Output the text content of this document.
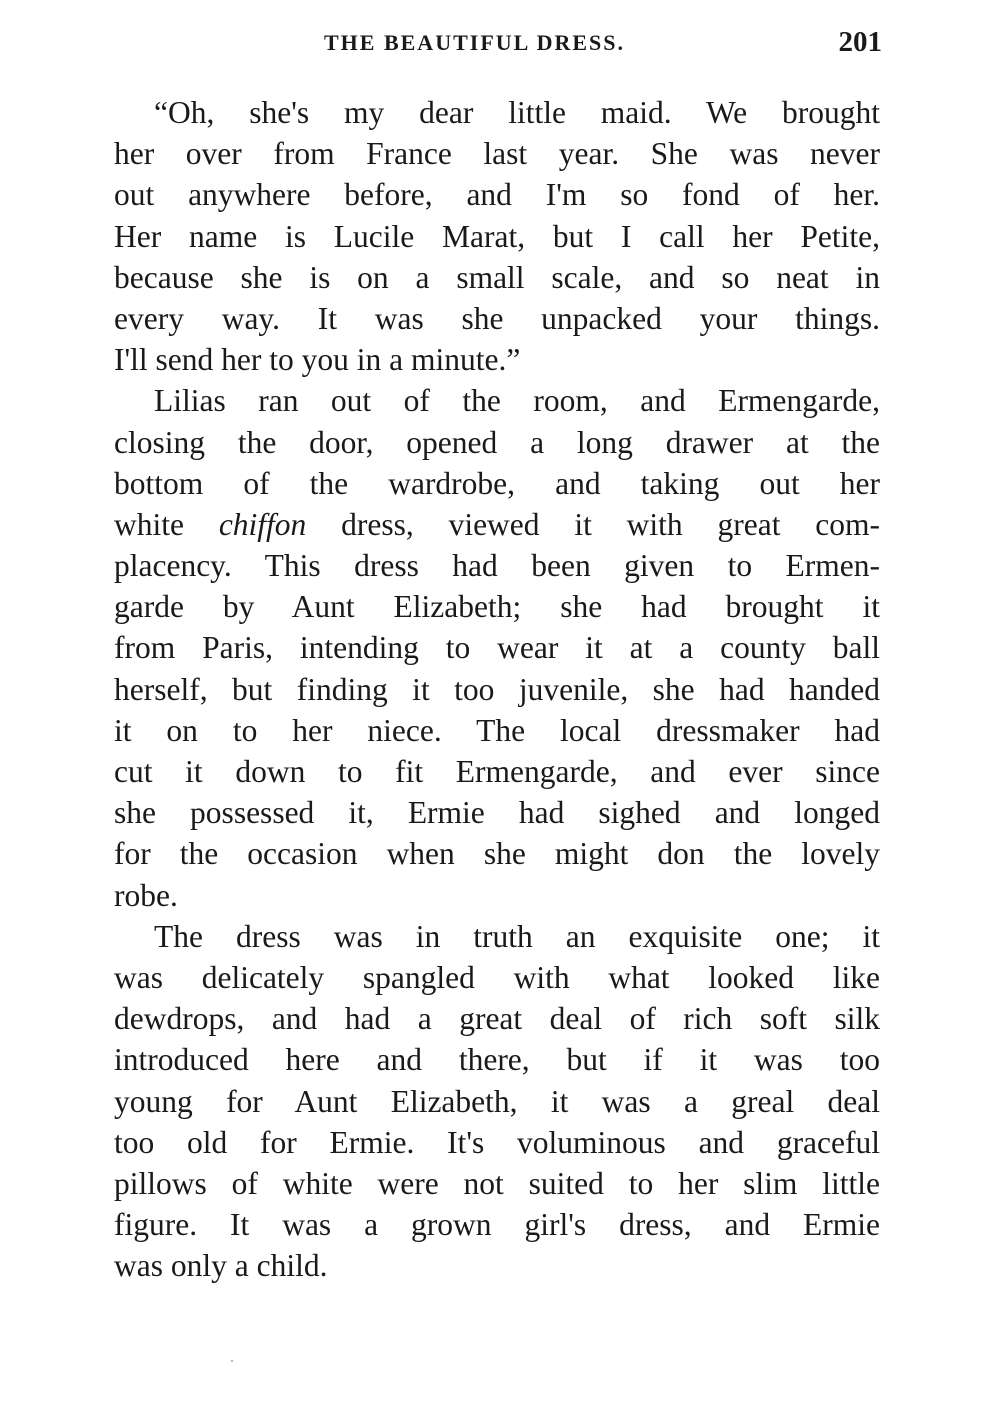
THE BEAUTIFUL DRESS.	201
“Oh, she's my dear little maid. We brought
her over from France last year. She was never
out anywhere before, and I'm so fond of her.
Her name is Lucile Marat, but I call her Petite,
because she is on a small scale, and so neat in
every way. It was she unpacked your things.
I'll send her to you in a minute.”
Lilias ran out of the room, and Ermengarde,
closing the door, opened a long drawer at the
bottom of the wardrobe, and taking out her
white chiffon dress, viewed it with great com-
placency. This dress had been given to Ermen-
garde by Aunt Elizabeth; she had brought it
from Paris, intending to wear it at a county ball
herself, but finding it too juvenile, she had handed
it on to her niece. The local dressmaker had
cut it down to fit Ermengarde, and ever since
she possessed it, Ermie had sighed and longed
for the occasion when she might don the lovely
robe.
The dress was in truth an exquisite one; it
was delicately spangled with what looked like
dewdrops, and had a great deal of rich soft silk
introduced here and there, but if it was too
young for Aunt Elizabeth, it was a greal deal
too old for Ermie. It's voluminous and graceful
pillows of white were not suited to her slim little
figure. It was a grown girl's dress, and Ermie
was only a child.
